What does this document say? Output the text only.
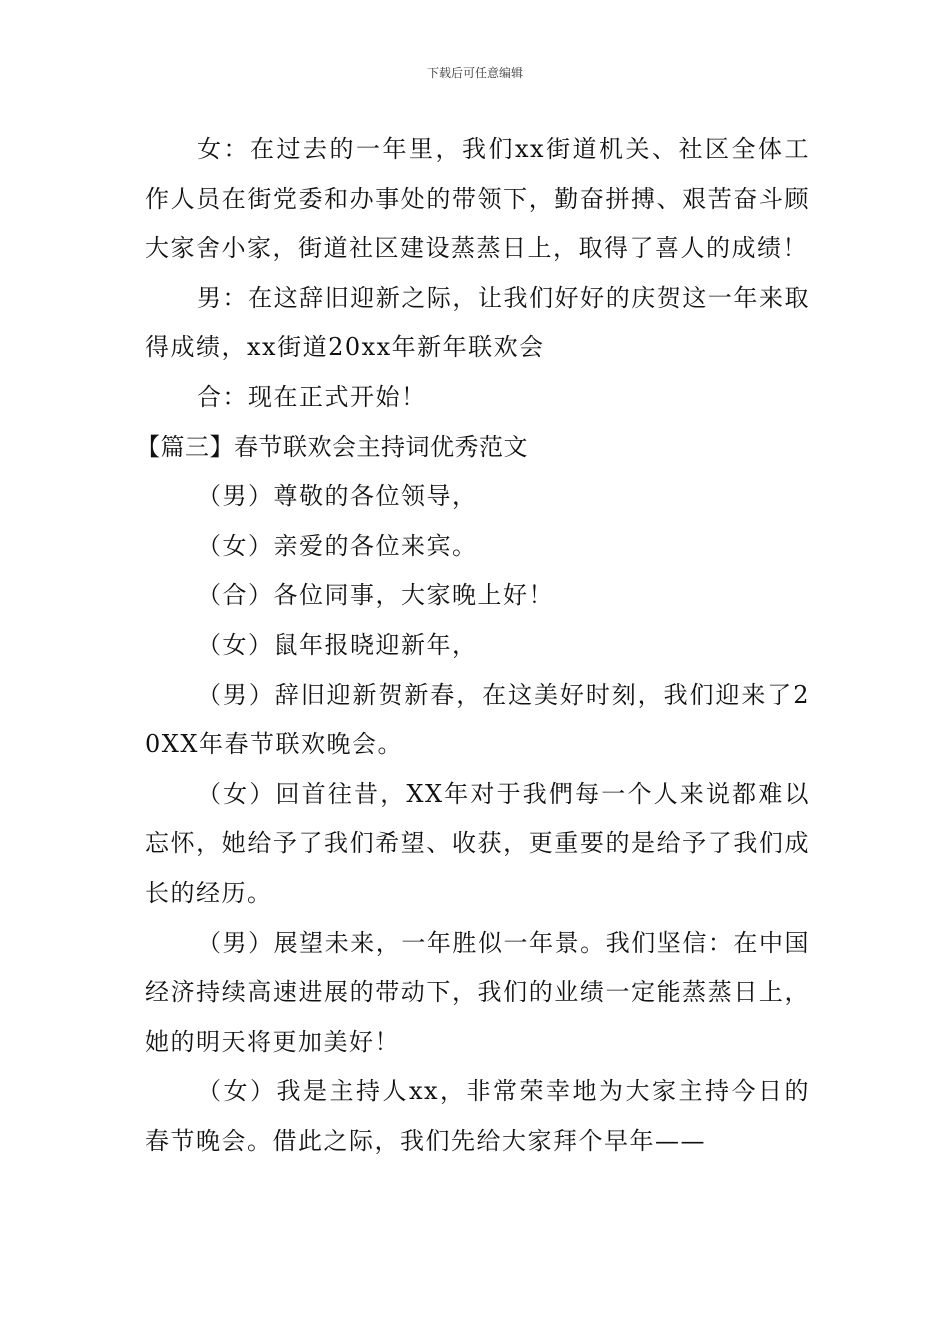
下载后可任意编辑

女：在过去的一年里，我们xx街道机关、社区全体工作人员在街党委和办事处的带领下，勤奋拼搏、艰苦奋斗顾大家舍小家，街道社区建设蒸蒸日上，取得了喜人的成绩！

男：在这辞旧迎新之际，让我们好好的庆贺这一年来取得成绩，xx街道20xx年新年联欢会

合：现在正式开始！

【篇三】春节联欢会主持词优秀范文

（男）尊敬的各位领导，

（女）亲爱的各位来宾。

（合）各位同事，大家晚上好！

（女）鼠年报晓迎新年，

（男）辞旧迎新贺新春，在这美好时刻，我们迎来了20XX年春节联欢晚会。

（女）回首往昔，XX年对于我們每一个人来说都难以忘怀，她给予了我们希望、收获，更重要的是给予了我们成长的经历。

（男）展望未来，一年胜似一年景。我们坚信：在中国经济持续高速进展的带动下，我们的业绩一定能蒸蒸日上，她的明天将更加美好！

（女）我是主持人xx，非常荣幸地为大家主持今日的春节晚会。借此之际，我们先给大家拜个早年——
